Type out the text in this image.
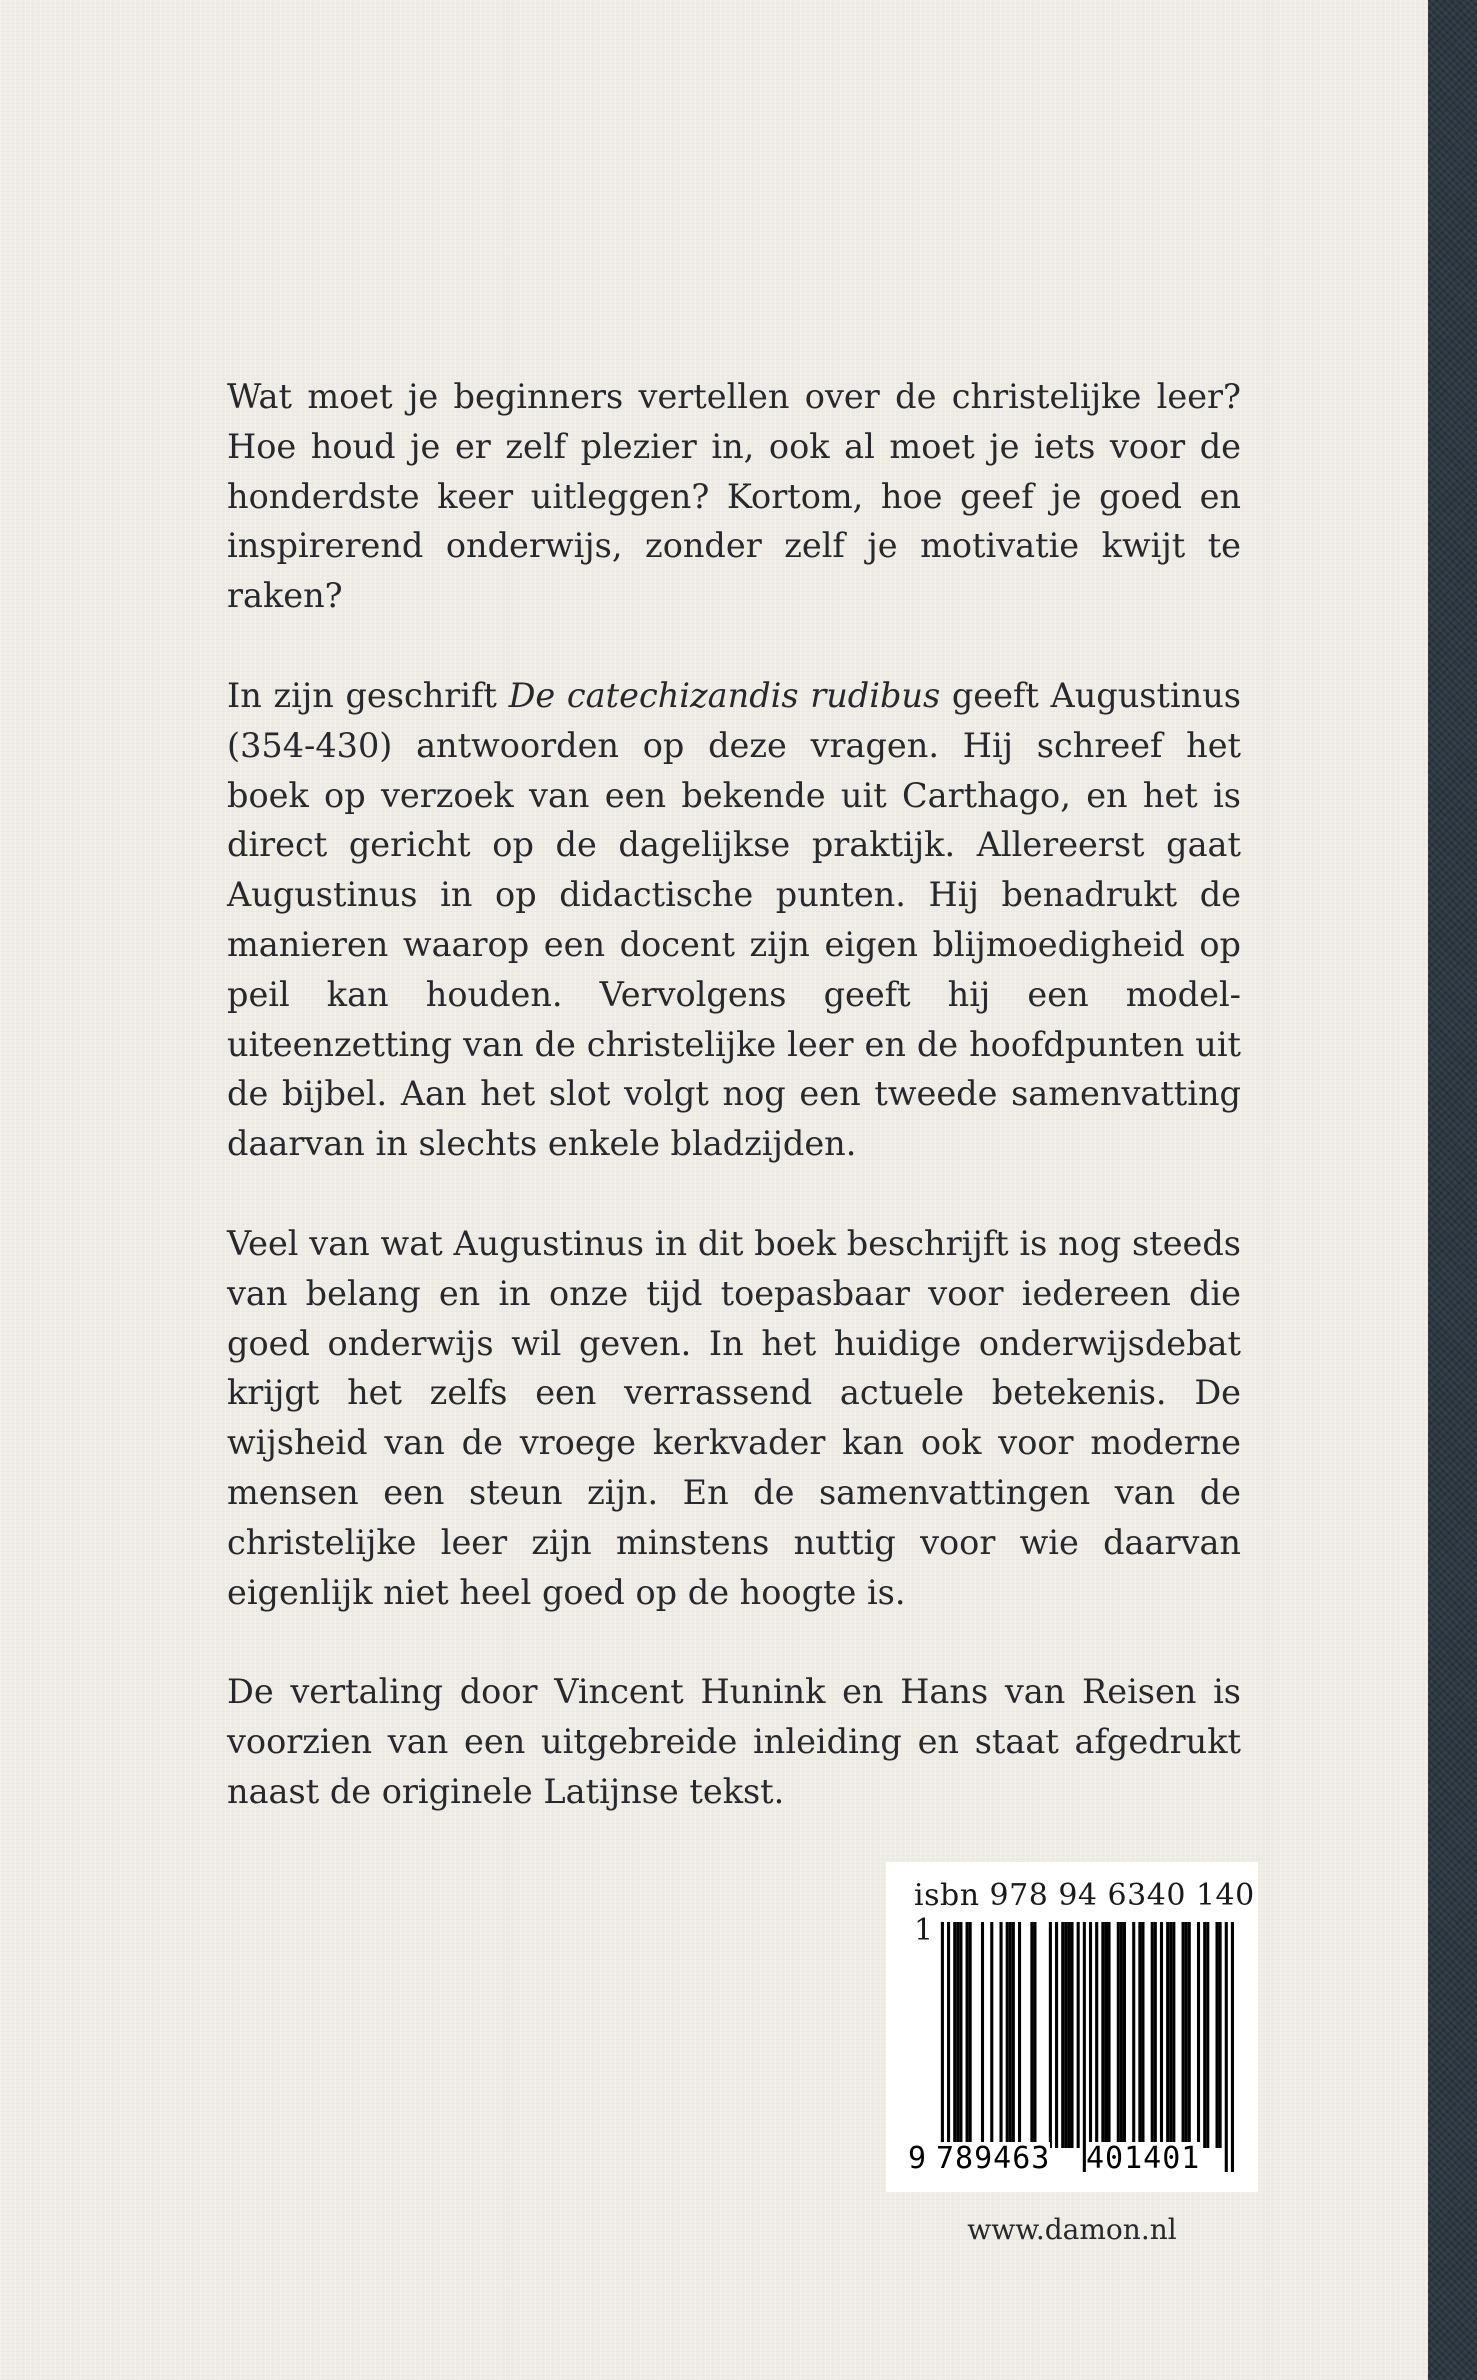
Wat moet je beginners vertellen over de christelijke leer? Hoe houd je er zelf plezier in, ook al moet je iets voor de honderdste keer uitleggen? Kortom, hoe geef je goed en inspirerend onderwijs, zonder zelf je motivatie kwijt te raken?

In zijn geschrift De catechizandis rudibus geeft Augustinus (354-430) antwoorden op deze vragen. Hij schreef het boek op verzoek van een bekende uit Carthago, en het is direct gericht op de dagelijkse praktijk. Allereerst gaat Augustinus in op didactische punten. Hij benadrukt de manieren waarop een docent zijn eigen blijmoedigheid op peil kan houden. Vervolgens geeft hij een model-uiteenzetting van de christelijke leer en de hoofdpunten uit de bijbel. Aan het slot volgt nog een tweede samenvatting daarvan in slechts enkele bladzijden.

Veel van wat Augustinus in dit boek beschrijft is nog steeds van belang en in onze tijd toepasbaar voor iedereen die goed onderwijs wil geven. In het huidige onderwijsdebat krijgt het zelfs een verrassend actuele betekenis. De wijsheid van de vroege kerkvader kan ook voor moderne mensen een steun zijn. En de samenvattingen van de christelijke leer zijn minstens nuttig voor wie daarvan eigenlijk niet heel goed op de hoogte is.

De vertaling door Vincent Hunink en Hans van Reisen is voorzien van een uitgebreide inleiding en staat afgedrukt naast de originele Latijnse tekst.

isbn 978 94 6340 140 1
9 789463 401401
www.damon.nl
